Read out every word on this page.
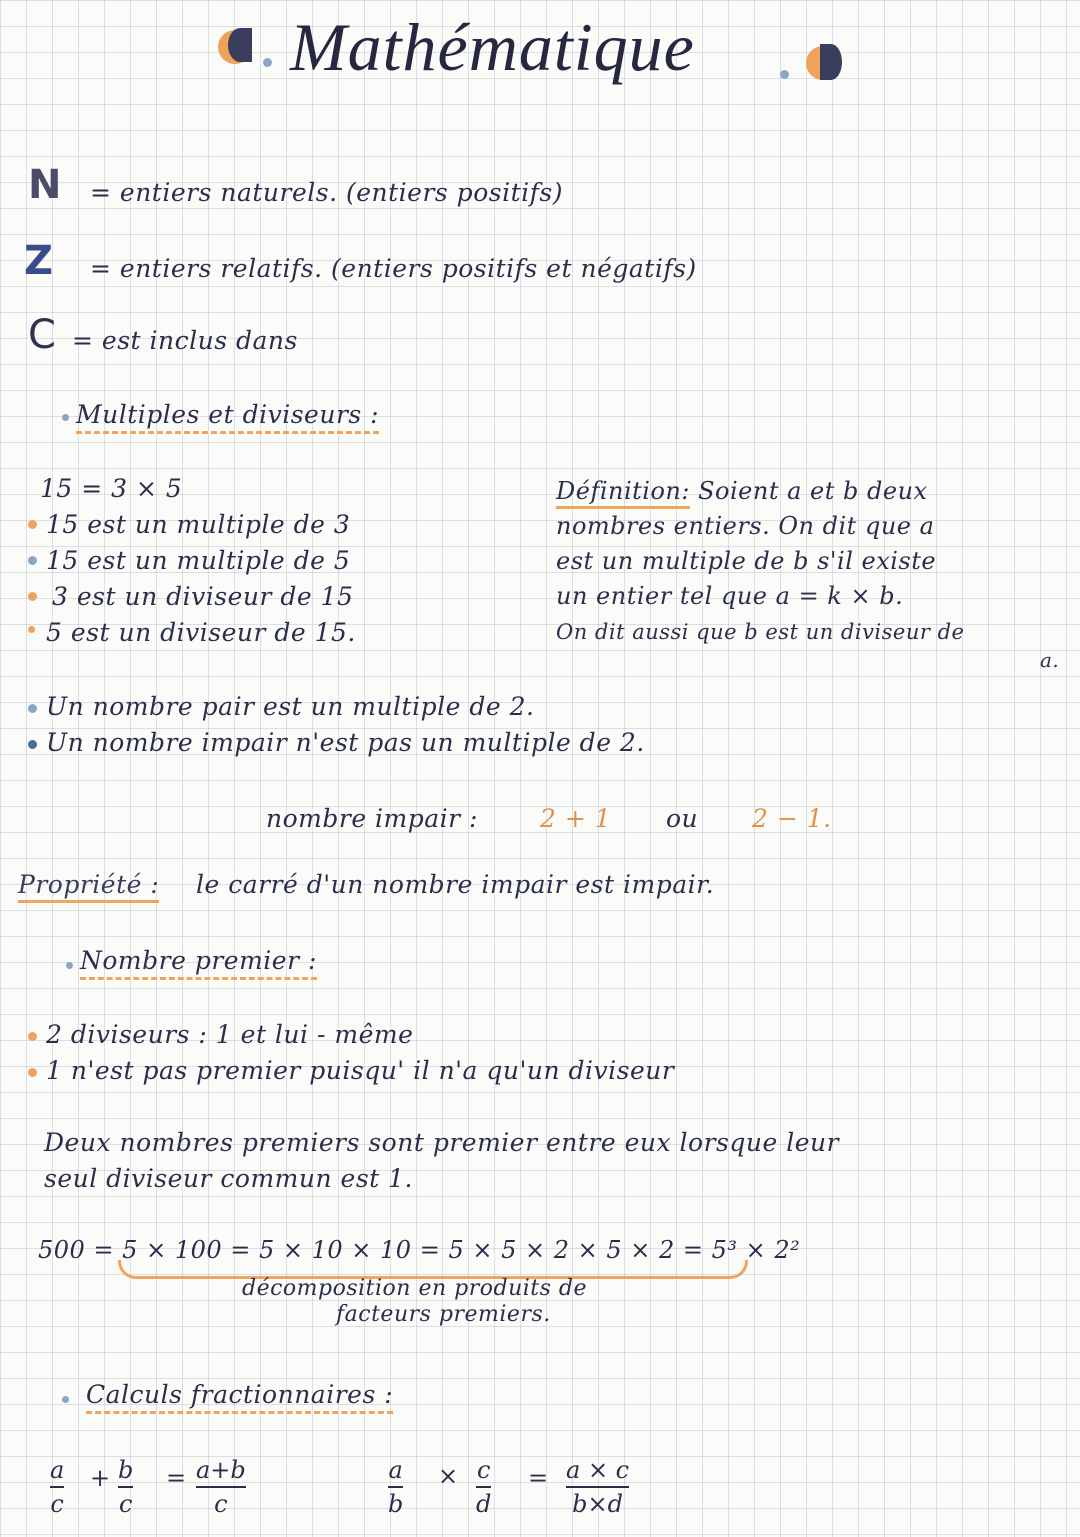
Mathématique
N = entiers naturels. (entiers positifs)
Z = entiers relatifs. (entiers positifs et négatifs)
C = est inclus dans
Multiples et diviseurs :
15 = 3 × 5
15 est un multiple de 3
15 est un multiple de 5
3 est un diviseur de 15
5 est un diviseur de 15.
Définition: Soient a et b deux
nombres entiers. On dit que a
est un multiple de b s'il existe
un entier tel que a = k × b.
On dit aussi que b est un diviseur de
a.
Un nombre pair est un multiple de 2.
Un nombre impair n'est pas un multiple de 2.
nombre impair : 2 + 1 ou 2 − 1.
Propriété : le carré d'un nombre impair est impair.
Nombre premier :
2 diviseurs : 1 et lui - même
1 n'est pas premier puisqu' il n'a qu'un diviseur
Deux nombres premiers sont premier entre eux lorsque leur
seul diviseur commun est 1.
500 = 5 × 100 = 5 × 10 × 10 = 5 × 5 × 2 × 5 × 2 = 5³ × 2²
décomposition en produits de
facteurs premiers.
Calculs fractionnaires :
a
c
+ b
c
= a+b
c
a
b
× c
d
= a × c
b×d
